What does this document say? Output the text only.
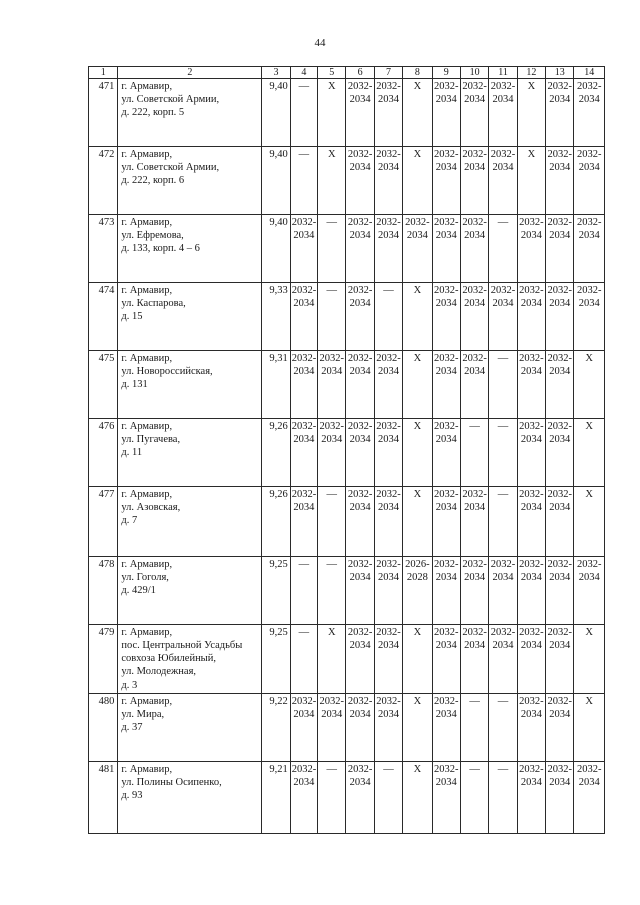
44
1	2	3	4	5	6	7	8	9	10	11	12	13	14
471	г. Армавир,
ул. Советской Армии,
д. 222, корп. 5	9,40	—	X	2032-2034	2032-2034	X	2032-2034	2032-2034	2032-2034	X	2032-2034	2032-2034
472	г. Армавир,
ул. Советской Армии,
д. 222, корп. 6	9,40	—	X	2032-2034	2032-2034	X	2032-2034	2032-2034	2032-2034	X	2032-2034	2032-2034
473	г. Армавир,
ул. Ефремова,
д. 133, корп. 4 – 6	9,40	2032-2034	—	2032-2034	2032-2034	2032-2034	2032-2034	2032-2034	—	2032-2034	2032-2034	2032-2034
474	г. Армавир,
ул. Каспарова,
д. 15	9,33	2032-2034	—	2032-2034	—	X	2032-2034	2032-2034	2032-2034	2032-2034	2032-2034	2032-2034
475	г. Армавир,
ул. Новороссийская,
д. 131	9,31	2032-2034	2032-2034	2032-2034	2032-2034	X	2032-2034	2032-2034	—	2032-2034	2032-2034	X
476	г. Армавир,
ул. Пугачева,
д. 11	9,26	2032-2034	2032-2034	2032-2034	2032-2034	X	2032-2034	—	—	2032-2034	2032-2034	X
477	г. Армавир,
ул. Азовская,
д. 7	9,26	2032-2034	—	2032-2034	2032-2034	X	2032-2034	2032-2034	—	2032-2034	2032-2034	X
478	г. Армавир,
ул. Гоголя,
д. 429/1	9,25	—	—	2032-2034	2032-2034	2026-2028	2032-2034	2032-2034	2032-2034	2032-2034	2032-2034	2032-2034
479	г. Армавир,
пос. Центральной Усадьбы
совхоза Юбилейный,
ул. Молодежная,
д. 3	9,25	—	X	2032-2034	2032-2034	X	2032-2034	2032-2034	2032-2034	2032-2034	2032-2034	X
480	г. Армавир,
ул. Мира,
д. 37	9,22	2032-2034	2032-2034	2032-2034	2032-2034	X	2032-2034	—	—	2032-2034	2032-2034	X
481	г. Армавир,
ул. Полины Осипенко,
д. 93	9,21	2032-2034	—	2032-2034	—	X	2032-2034	—	—	2032-2034	2032-2034	2032-2034
